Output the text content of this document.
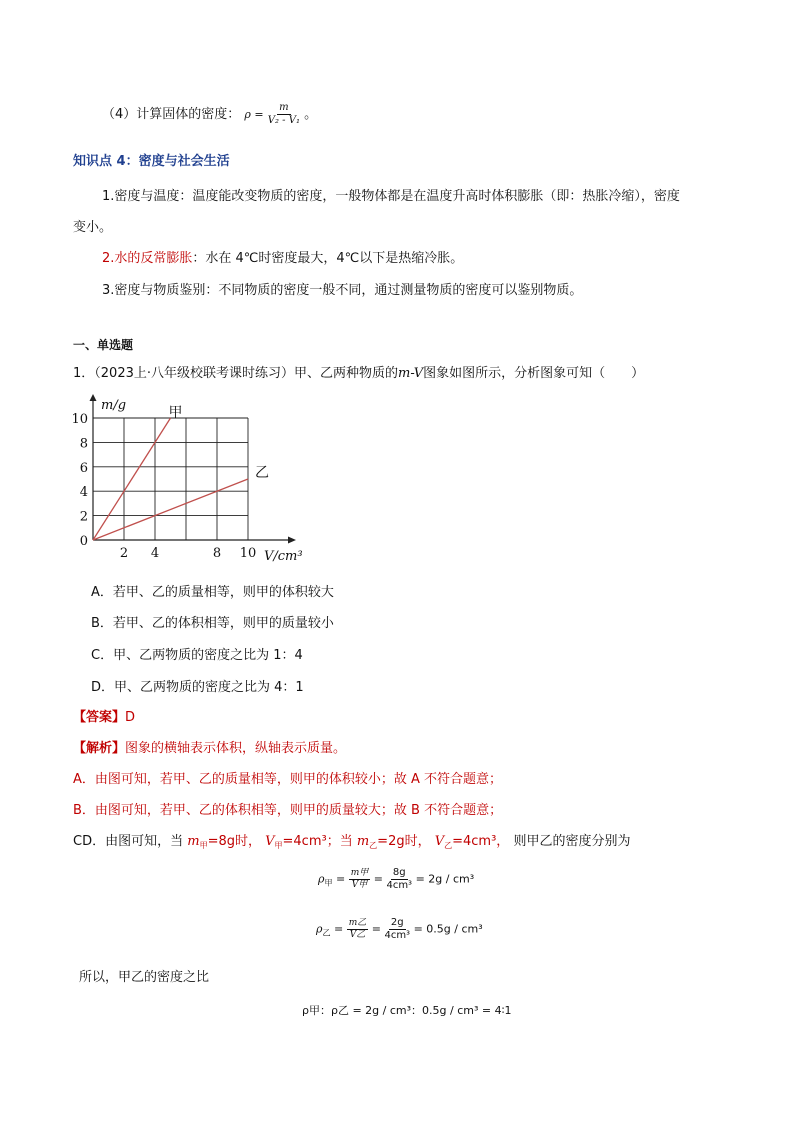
（4）计算固体的密度： $\rho = \frac{m}{\text{V₂ - V₁}}$ 。
知识点 4：密度与社会生活
1.密度与温度：温度能改变物质的密度，一般物体都是在温度升高时体积膨胀（即：热胀冷缩），密度
变小。
2.水的反常膨胀：水在 4℃时密度最大，4℃以下是热缩冷胀。
3.密度与物质鉴别：不同物质的密度一般不同，通过测量物质的密度可以鉴别物质。
一、单选题
1．（2023上·八年级校联考课时练习）甲、乙两种物质的m-V图象如图所示，分析图象可知（　　）
0
2
4
6
8
10
2 4	8 10
甲
乙
m/g
V/cm³
A．若甲、乙的质量相等，则甲的体积较大
B．若甲、乙的体积相等，则甲的质量较小
C．甲、乙两物质的密度之比为 1：4
D．甲、乙两物质的密度之比为 4：1
【答案】D
【解析】图象的横轴表示体积，纵轴表示质量。
A．由图可知，若甲、乙的质量相等，则甲的体积较小；故 A 不符合题意；
B．由图可知，若甲、乙的体积相等，则甲的质量较大；故 B 不符合题意；
CD．由图可知，当 $m_甲=8g$时， $V_甲=4cm^3$；当 $m_乙=2g$时， $V_乙=4cm^3$， 则甲乙的密度分别为
$\rho_甲 = \frac{\text{m甲}}{\text{V甲}} = \frac{8g}{\text{4cm³}} = 2g / cm^3$
$\rho_乙 = \frac{\text{m乙}}{\text{V乙}} = \frac{2g}{\text{4cm³}} = 0.5g / cm^3$
所以，甲乙的密度之比
ρ甲：ρ乙 = 2g / cm³：0.5g / cm³ = 4∶1
